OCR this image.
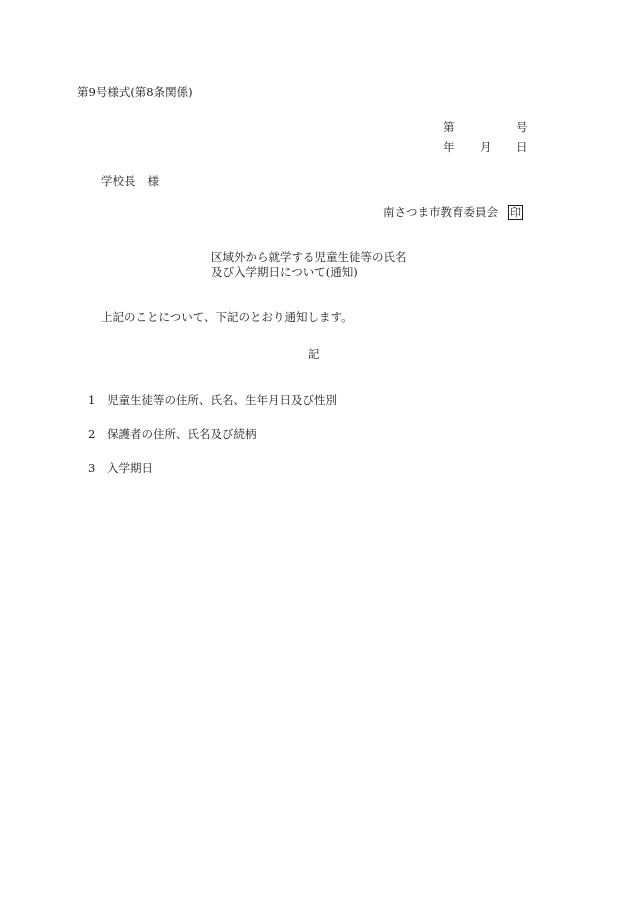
第9号様式(第8条関係)
第	号
年 月 日
学校長 様
南さつま市教育委員会 印
区域外から就学する児童生徒等の氏名
及び入学期日について(通知)
上記のことについて、下記のとおり通知します。
記
1 児童生徒等の住所、氏名、生年月日及び性別
2 保護者の住所、氏名及び続柄
3 入学期日
